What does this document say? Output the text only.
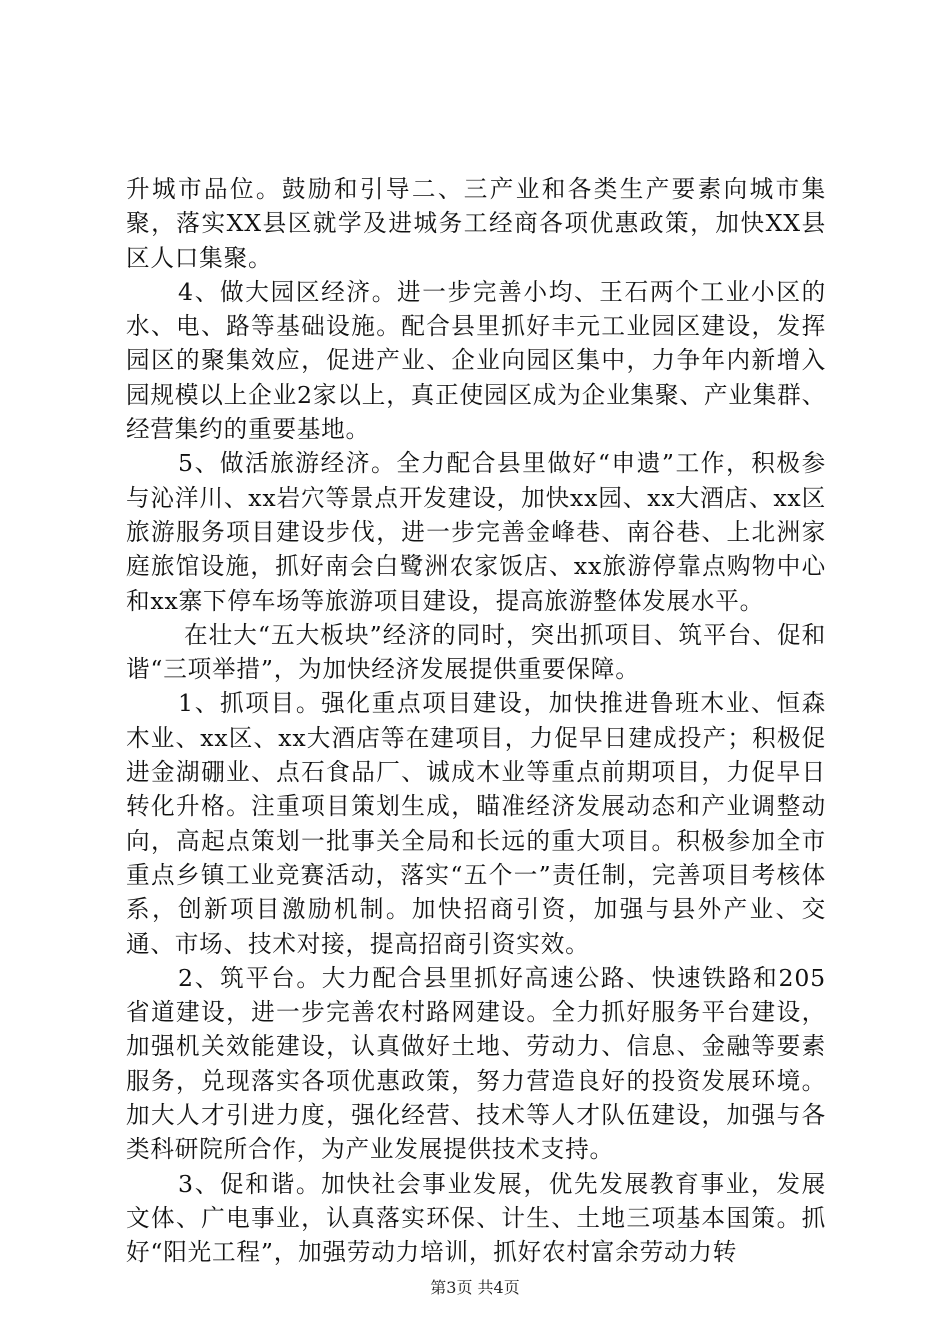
升城市品位。鼓励和引导二、三产业和各类生产要素向城市集聚，落实XX县区就学及进城务工经商各项优惠政策，加快XX县区人口集聚。

4、做大园区经济。进一步完善小均、王石两个工业小区的水、电、路等基础设施。配合县里抓好丰元工业园区建设，发挥园区的聚集效应，促进产业、企业向园区集中，力争年内新增入园规模以上企业2家以上，真正使园区成为企业集聚、产业集群、经营集约的重要基地。

5、做活旅游经济。全力配合县里做好“申遗”工作，积极参与沁洋川、xx岩穴等景点开发建设，加快xx园、xx大酒店、xx区旅游服务项目建设步伐，进一步完善金峰巷、南谷巷、上北洲家庭旅馆设施，抓好南会白鹭洲农家饭店、xx旅游停靠点购物中心和xx寨下停车场等旅游项目建设，提高旅游整体发展水平。

在壮大“五大板块”经济的同时，突出抓项目、筑平台、促和谐“三项举措”，为加快经济发展提供重要保障。

1、抓项目。强化重点项目建设，加快推进鲁班木业、恒森木业、xx区、xx大酒店等在建项目，力促早日建成投产；积极促进金湖硼业、点石食品厂、诚成木业等重点前期项目，力促早日转化升格。注重项目策划生成，瞄准经济发展动态和产业调整动向，高起点策划一批事关全局和长远的重大项目。积极参加全市重点乡镇工业竞赛活动，落实“五个一”责任制，完善项目考核体系，创新项目激励机制。加快招商引资，加强与县外产业、交通、市场、技术对接，提高招商引资实效。

2、筑平台。大力配合县里抓好高速公路、快速铁路和205省道建设，进一步完善农村路网建设。全力抓好服务平台建设，加强机关效能建设，认真做好土地、劳动力、信息、金融等要素服务，兑现落实各项优惠政策，努力营造良好的投资发展环境。加大人才引进力度，强化经营、技术等人才队伍建设，加强与各类科研院所合作，为产业发展提供技术支持。

3、促和谐。加快社会事业发展，优先发展教育事业，发展文体、广电事业，认真落实环保、计生、土地三项基本国策。抓好“阳光工程”，加强劳动力培训，抓好农村富余劳动力转

第3页 共4页
